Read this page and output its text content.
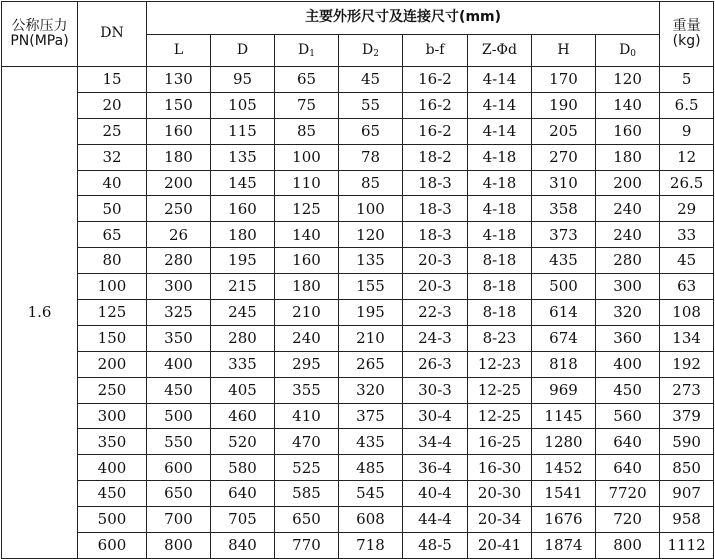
公称压力
PN(MPa)	DN	主要外形尺寸及连接尺寸(mm)								重量
(kg)

		L	D	$D_1$	$D_2$	b-f	Z-Φd	H	$D_0$
1.6	15	130	95	65	45	16-2	4-14	170	120	5
	20	150	105	75	55	16-2	4-14	190	140	6.5
	25	160	115	85	65	16-2	4-14	205	160	9
	32	180	135	100	78	18-2	4-18	270	180	12
	40	200	145	110	85	18-3	4-18	310	200	26.5
	50	250	160	125	100	18-3	4-18	358	240	29
	65	26	180	140	120	18-3	4-18	373	240	33
	80	280	195	160	135	20-3	8-18	435	280	45
	100	300	215	180	155	20-3	8-18	500	300	63
	125	325	245	210	195	22-3	8-18	614	320	108
	150	350	280	240	210	24-3	8-23	674	360	134
	200	400	335	295	265	26-3	12-23	818	400	192
	250	450	405	355	320	30-3	12-25	969	450	273
	300	500	460	410	375	30-4	12-25	1145	560	379
	350	550	520	470	435	34-4	16-25	1280	640	590
	400	600	580	525	485	36-4	16-30	1452	640	850
	450	650	640	585	545	40-4	20-30	1541	7720	907
	500	700	705	650	608	44-4	20-34	1676	720	958
	600	800	840	770	718	48-5	20-41	1874	800	1112
